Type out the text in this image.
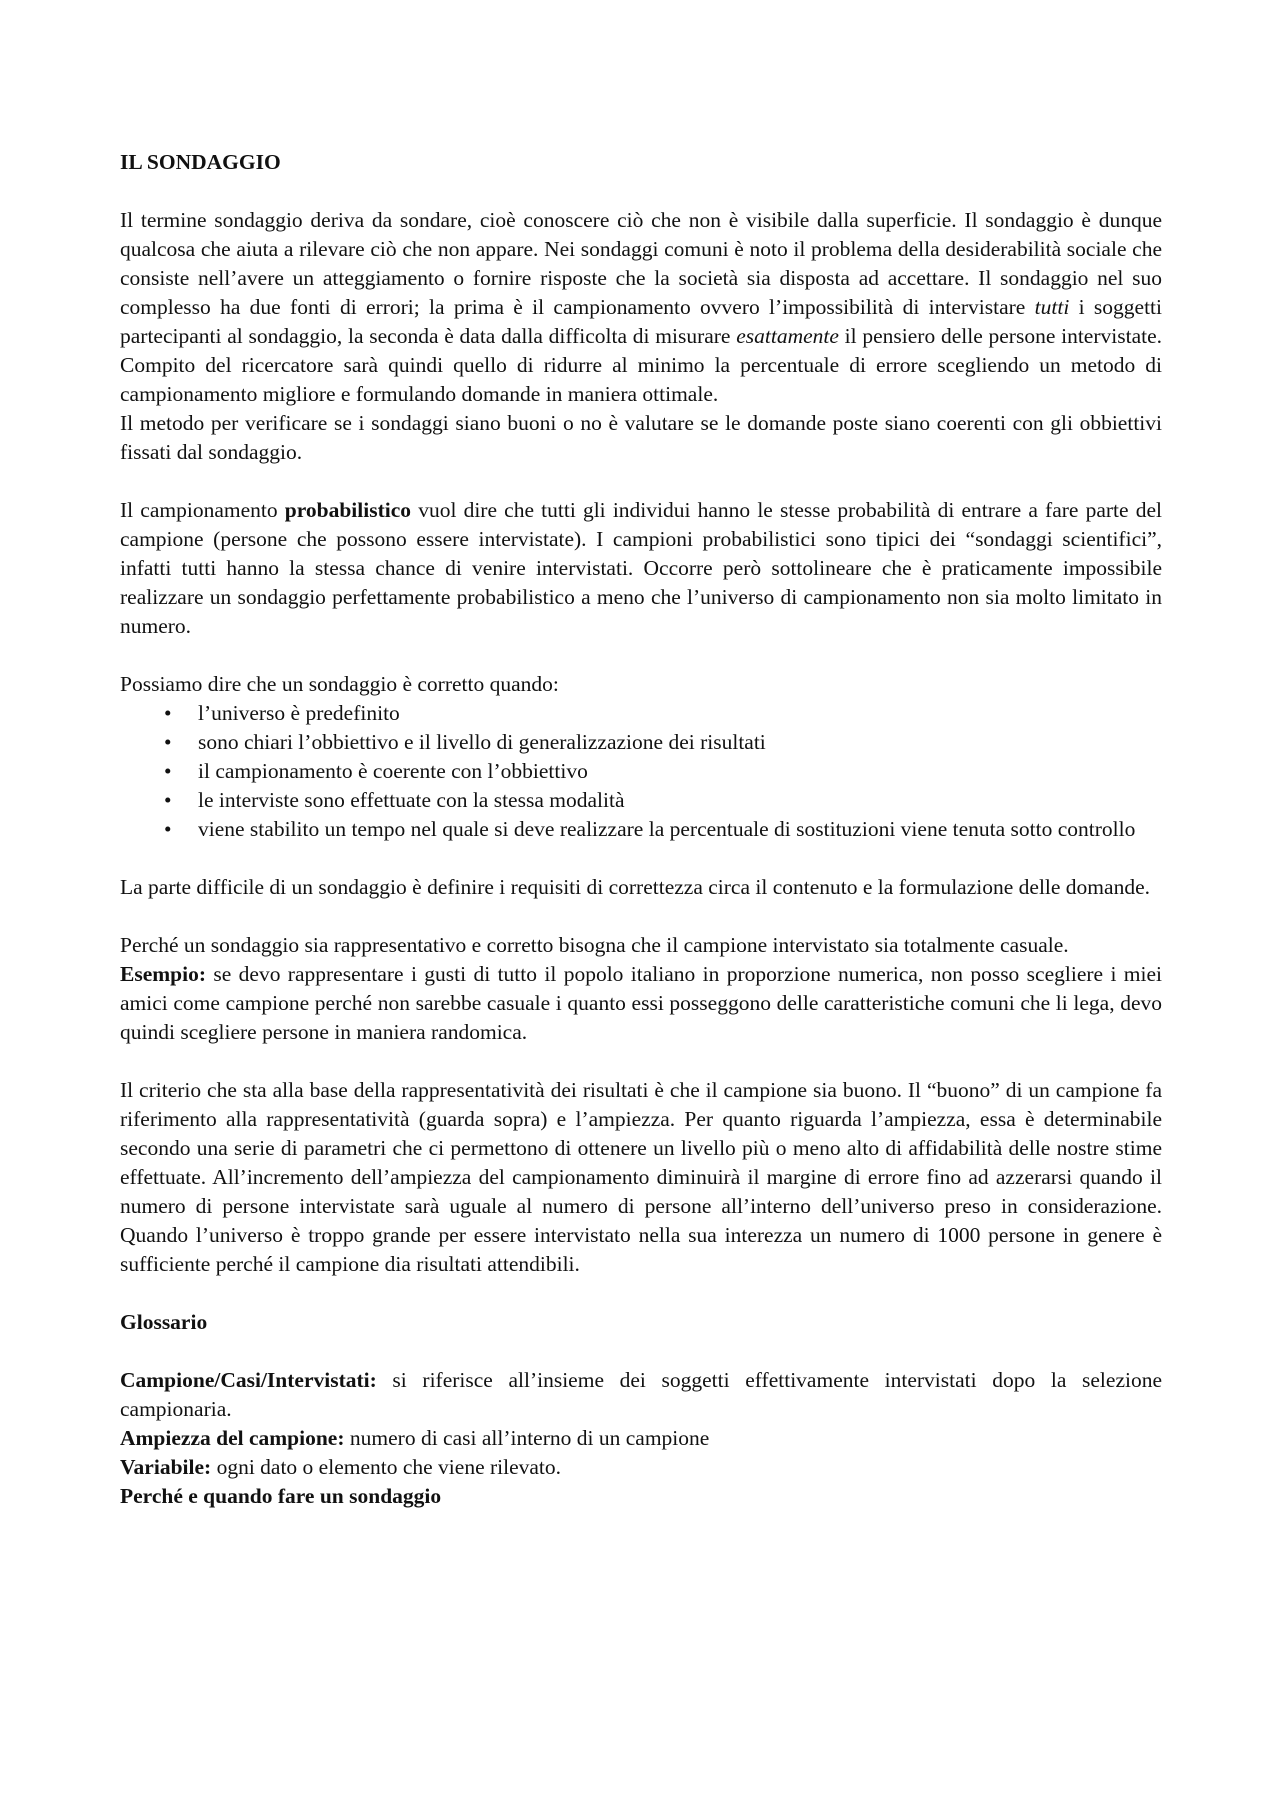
IL SONDAGGIO

Il termine sondaggio deriva da sondare, cioè conoscere ciò che non è visibile dalla superficie. Il sondaggio è dunque qualcosa che aiuta a rilevare ciò che non appare. Nei sondaggi comuni è noto il problema della desiderabilità sociale che consiste nell’avere un atteggiamento o fornire risposte che la società sia disposta ad accettare. Il sondaggio nel suo complesso ha due fonti di errori; la prima è il campionamento ovvero l’impossibilità di intervistare tutti i soggetti partecipanti al sondaggio, la seconda è data dalla difficolta di misurare esattamente il pensiero delle persone intervistate. Compito del ricercatore sarà quindi quello di ridurre al minimo la percentuale di errore scegliendo un metodo di campionamento migliore e formulando domande in maniera ottimale.

Il metodo per verificare se i sondaggi siano buoni o no è valutare se le domande poste siano coerenti con gli obbiettivi fissati dal sondaggio.

Il campionamento probabilistico vuol dire che tutti gli individui hanno le stesse probabilità di entrare a fare parte del campione (persone che possono essere intervistate). I campioni probabilistici sono tipici dei “sondaggi scientifici”, infatti tutti hanno la stessa chance di venire intervistati. Occorre però sottolineare che è praticamente impossibile realizzare un sondaggio perfettamente probabilistico a meno che l’universo di campionamento non sia molto limitato in numero.

Possiamo dire che un sondaggio è corretto quando:

• l’universo è predefinito
• sono chiari l’obbiettivo e il livello di generalizzazione dei risultati
• il campionamento è coerente con l’obbiettivo
• le interviste sono effettuate con la stessa modalità
• viene stabilito un tempo nel quale si deve realizzare la percentuale di sostituzioni viene tenuta sotto controllo

La parte difficile di un sondaggio è definire i requisiti di correttezza circa il contenuto e la formulazione delle domande.

Perché un sondaggio sia rappresentativo e corretto bisogna che il campione intervistato sia totalmente casuale.

Esempio: se devo rappresentare i gusti di tutto il popolo italiano in proporzione numerica, non posso scegliere i miei amici come campione perché non sarebbe casuale i quanto essi posseggono delle caratteristiche comuni che li lega, devo quindi scegliere persone in maniera randomica.

Il criterio che sta alla base della rappresentatività dei risultati è che il campione sia buono. Il “buono” di un campione fa riferimento alla rappresentatività (guarda sopra) e l’ampiezza. Per quanto riguarda l’ampiezza, essa è determinabile secondo una serie di parametri che ci permettono di ottenere un livello più o meno alto di affidabilità delle nostre stime effettuate. All’incremento dell’ampiezza del campionamento diminuirà il margine di errore fino ad azzerarsi quando il numero di persone intervistate sarà uguale al numero di persone all’interno dell’universo preso in considerazione. Quando l’universo è troppo grande per essere intervistato nella sua interezza un numero di 1000 persone in genere è sufficiente perché il campione dia risultati attendibili.

Glossario

Campione/Casi/Intervistati: si riferisce all’insieme dei soggetti effettivamente intervistati dopo la selezione campionaria.

Ampiezza del campione: numero di casi all’interno di un campione

Variabile: ogni dato o elemento che viene rilevato.

Perché e quando fare un sondaggio
